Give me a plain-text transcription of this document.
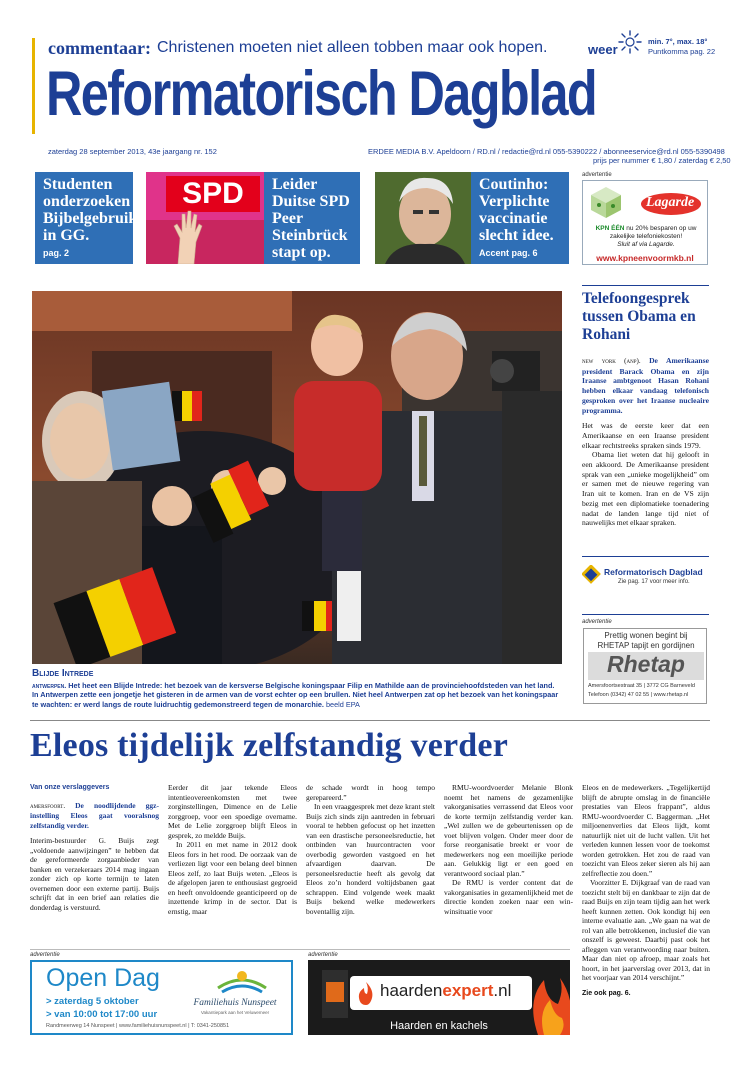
commentaar: Christenen moeten niet alleen tobben maar ook hopen.	weer
min. 7°, max. 18°
Puntkomma pag. 22
Reformatorisch Dagblad
zaterdag 28 september 2013, 43e jaargang nr. 152	ERDEE MEDIA B.V. Apeldoorn / RD.nl / redactie@rd.nl 055-5390222 / abonneeservice@rd.nl 055-5390498
prijs per nummer € 1,80 / zaterdag € 2,50
Studenten onderzoeken Bijbelgebruik in GG.
pag. 2
SPD	Leider Duitse SPD Peer Steinbrück stapt op.
pag. 12
Coutinho: Verplichte vaccinatie slecht idee.
Accent pag. 6
advertentie
Lagarde
KPN ÉÉN nu 20% besparen op uw
zakelijke telefoniekosten!
Sluit af via Lagarde.
www.kpneenvoormkb.nl
Blijde Intrede
antwerpen. Het heet een Blijde Intrede: het bezoek van de kersverse Belgische koningspaar Filip en Mathilde aan de provinciehoofdsteden van het land. In Antwerpen zette een jongetje het gisteren in de armen van de vorst echter op een brullen. Niet heel Antwerpen zat op het bezoek van het koningspaar te wachten: er werd langs de route luidruchtig gedemonstreerd tegen de monarchie. beeld EPA
Telefoongesprek tussen Obama en Rohani

new york (anp). De Amerikaanse president Barack Obama en zijn Iraanse ambtgenoot Hasan Rohani hebben elkaar vandaag telefonisch gesproken over het Iraanse nucleaire programma.

Het was de eerste keer dat een Amerikaanse en een Iraanse president elkaar rechtstreeks spraken sinds 1979.

Obama liet weten dat hij gelooft in een akkoord. De Amerikaanse president sprak van een „unieke mogelijkheid” om er samen met de nieuwe regering van Iran uit te komen. Iran en de VS zijn bezig met een diplomatieke toenadering nadat de landen lange tijd niet of nauwelijks met elkaar spraken.

Reformatorisch Dagblad
Zie pag. 17 voor meer info.
advertentie
Prettig wonen begint bij RHETAP tapijt en gordijnen
Rhetap
Amersfoortsestraat 35 | 3772 CG Barneveld
Telefoon (0342) 47 02 55 | www.rhetap.nl
Eleos tijdelijk zelfstandig verder

Van onze verslaggevers

amersfoort. De noodlijdende ggz-instelling Eleos gaat vooralsnog zelfstandig verder.

Interim-bestuurder G. Buijs zegt „voldoende aanwijzingen” te hebben dat de gereformeerde zorgaanbieder van banken en verzekeraars 2014 mag ingaan zonder zich op korte termijn te laten overnemen door een externe partij. Buijs schrijft dat in een brief aan relaties die donderdag is verstuurd.

Eerder dit jaar tekende Eleos intentieovereenkomsten met twee zorginstellingen, Dimence en de Lelie zorggroep, voor een spoedige overname. Met de Lelie zorggroep blijft Eleos in gesprek, zo meldde Buijs.

In 2011 en met name in 2012 dook Eleos fors in het rood. De oorzaak van de verliezen ligt voor een belang deel binnen Eleos zelf, zo laat Buijs weten. „Eleos is de afgelopen jaren te enthousiast gegroeid en heeft onvoldoende geanticipeerd op de inzettende krimp in de sector. Dat is ernstig, maar

de schade wordt in hoog tempo gerepareerd.”

In een vraaggesprek met deze krant stelt Buijs zich sinds zijn aantreden in februari vooral te hebben gefocust op het inzetten van een drastische personeelsreductie, het ontbinden van huurcontracten voor overbodig geworden vastgoed en het afvaardigen daarvan. De personeelsreductie heeft als gevolg dat Eleos zo’n honderd voltijdsbanen gaat schrappen. Eind volgende week maakt Buijs bekend welke medewerkers boventallig zijn.

RMU-woordvoerder Melanie Blonk noemt het namens de gezamenlijke vakorganisaties verrassend dat Eleos voor de korte termijn zelfstandig verder kan. „Wel zullen we de gebeurtenissen op de voet blijven volgen. Onder meer door de forse reorganisatie breekt er voor de medewerkers nog een moeilijke periode aan. Gelukkig ligt er een goed en verantwoord sociaal plan.”

De RMU is verder content dat de vakorganisaties in gezamenlijkheid met de directie konden zoeken naar een win-winsituatie voor

Eleos en de medewerkers. „Tegelijkertijd blijft de abrupte omslag in de financiële prestaties van Eleos frappant”, aldus RMU-woordvoerder C. Baggerman. „Het miljoenenverlies dat Eleos lijdt, komt natuurlijk niet uit de lucht vallen. Uit het verleden kunnen lessen voor de toekomst worden getrokken. Het zou de raad van toezicht van Eleos zeker sieren als hij aan zelfreflectie zou doen.”

Voorzitter E. Dijkgraaf van de raad van toezicht stelt bij en dankbaar te zijn dat de raad Buijs en zijn team tijdig aan het werk heeft kunnen zetten. Ook kondigt hij een interne evaluatie aan. „We gaan na wat de rol van alle betrokkenen, inclusief die van onszelf is geweest. Daarbij past ook het afleggen van verantwoording naar buiten. Maar dan niet op afroep, maar zoals het hoort, in het jaarverslag over 2013, dat in het voorjaar van 2014 verschijnt.”

Zie ook pag. 6.

advertentie	advertentie
Open Dag
> zaterdag 5 oktober
> van 10:00 tot 17:00 uur
Familiehuis Nunspeet
Vakantiepark aan het Veluwemeer
Randmeerweg 14 Nunspeet | www.familiehuisnunspeet.nl | T: 0341-250851
haardenexpert.nl
Haarden en kachels
